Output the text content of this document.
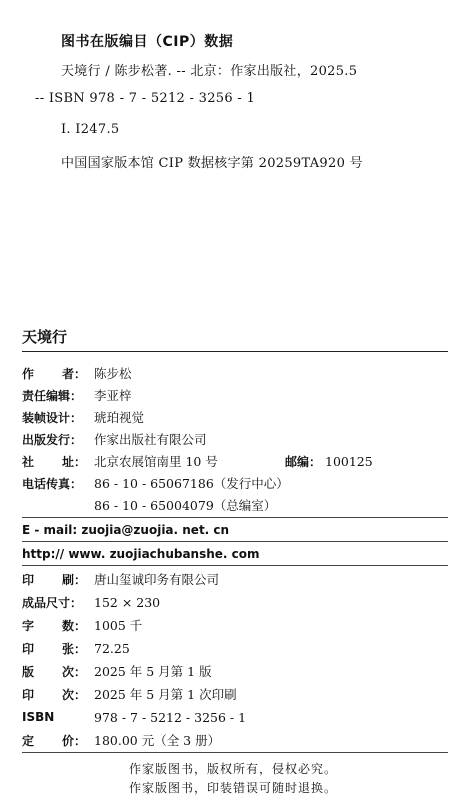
图书在版编目（CIP）数据
天境行 / 陈步松著. -- 北京：作家出版社，2025.5
-- ISBN 978 - 7 - 5212 - 3256 - 1
Ⅰ. I247.5
中国国家版本馆 CIP 数据核字第 20259TA920 号
天境行
作 者： 陈步松
责任编辑： 李亚梓
装帧设计： 琥珀视觉
出版发行： 作家出版社有限公司
社 址： 北京农展馆南里 10 号	邮 编： 100125
电话传真： 86 - 10 - 65067186（发行中心）
86 - 10 - 65004079（总编室）
E - mail: zuojia@zuojia. net. cn
http:// www. zuojiachubanshe. com
印 刷： 唐山玺诚印务有限公司
成品尺寸： 152 × 230
字 数： 1005 千
印 张： 72.25
版 次： 2025 年 5 月第 1 版
印 次： 2025 年 5 月第 1 次印刷
ISBN	978 - 7 - 5212 - 3256 - 1
定 价： 180.00 元（全 3 册）
作家版图书，版权所有，侵权必究。
作家版图书，印装错误可随时退换。
